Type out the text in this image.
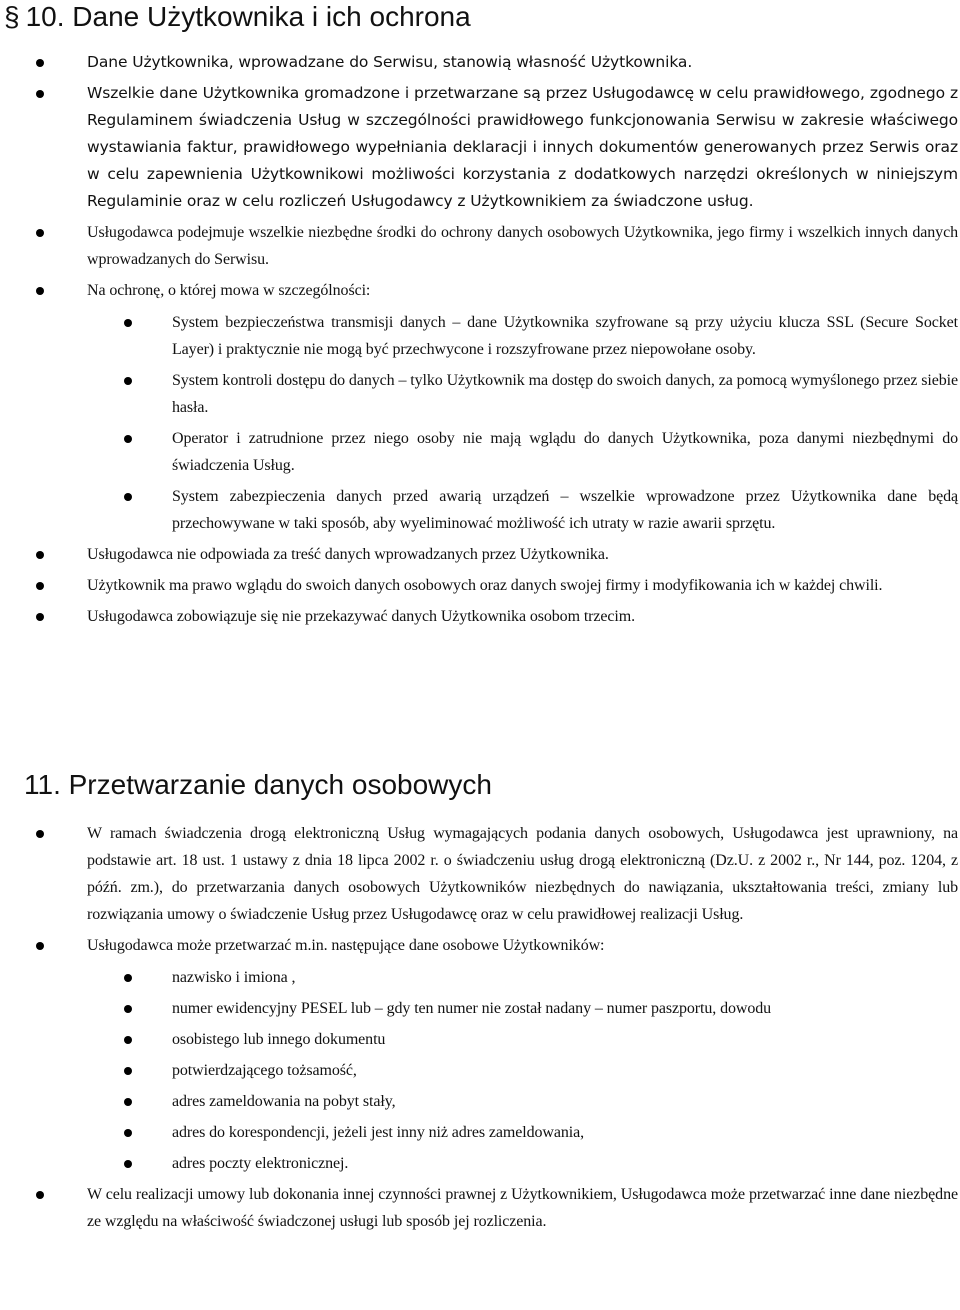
§ 10. Dane Użytkownika i ich ochrona
Dane Użytkownika, wprowadzane do Serwisu, stanowią własność Użytkownika.
Wszelkie dane Użytkownika gromadzone i przetwarzane są przez Usługodawcę w celu prawidłowego, zgodnego z Regulaminem świadczenia Usług w szczególności prawidłowego funkcjonowania Serwisu w zakresie właściwego wystawiania faktur, prawidłowego wypełniania deklaracji i innych dokumentów generowanych przez Serwis oraz w celu zapewnienia Użytkownikowi możliwości korzystania z dodatkowych narzędzi określonych w niniejszym Regulaminie oraz w celu rozliczeń Usługodawcy z Użytkownikiem za świadczone usług.
Usługodawca podejmuje wszelkie niezbędne środki do ochrony danych osobowych Użytkownika, jego firmy i wszelkich innych danych wprowadzanych do Serwisu.
Na ochronę, o której mowa w szczególności:
System bezpieczeństwa transmisji danych – dane Użytkownika szyfrowane są przy użyciu klucza SSL (Secure Socket Layer) i praktycznie nie mogą być przechwycone i rozszyfrowane przez niepowołane osoby.
System kontroli dostępu do danych – tylko Użytkownik ma dostęp do swoich danych, za pomocą wymyślonego przez siebie hasła.
Operator i zatrudnione przez niego osoby nie mają wglądu do danych Użytkownika, poza danymi niezbędnymi do świadczenia Usług.
System zabezpieczenia danych przed awarią urządzeń – wszelkie wprowadzone przez Użytkownika dane będą przechowywane w taki sposób, aby wyeliminować możliwość ich utraty w razie awarii sprzętu.
Usługodawca nie odpowiada za treść danych wprowadzanych przez Użytkownika.
Użytkownik ma prawo wglądu do swoich danych osobowych oraz danych swojej firmy i modyfikowania ich w każdej chwili.
Usługodawca zobowiązuje się nie przekazywać danych Użytkownika osobom trzecim.
11. Przetwarzanie danych osobowych
W ramach świadczenia drogą elektroniczną Usług wymagających podania danych osobowych, Usługodawca jest uprawniony, na podstawie art. 18 ust. 1 ustawy z dnia 18 lipca 2002 r. o świadczeniu usług drogą elektroniczną (Dz.U. z 2002 r., Nr 144, poz. 1204, z późń. zm.), do przetwarzania danych osobowych Użytkowników niezbędnych do nawiązania, ukształtowania treści, zmiany lub rozwiązania umowy o świadczenie Usług przez Usługodawcę oraz w celu prawidłowej realizacji Usług.
Usługodawca może przetwarzać m.in. następujące dane osobowe Użytkowników:
nazwisko i imiona ,
numer ewidencyjny PESEL lub – gdy ten numer nie został nadany – numer paszportu, dowodu
osobistego lub innego dokumentu
potwierdzającego tożsamość,
adres zameldowania na pobyt stały,
adres do korespondencji, jeżeli jest inny niż adres zameldowania,
adres poczty elektronicznej.
W celu realizacji umowy lub dokonania innej czynności prawnej z Użytkownikiem, Usługodawca może przetwarzać inne dane niezbędne ze względu na właściwość świadczonej usługi lub sposób jej rozliczenia.
